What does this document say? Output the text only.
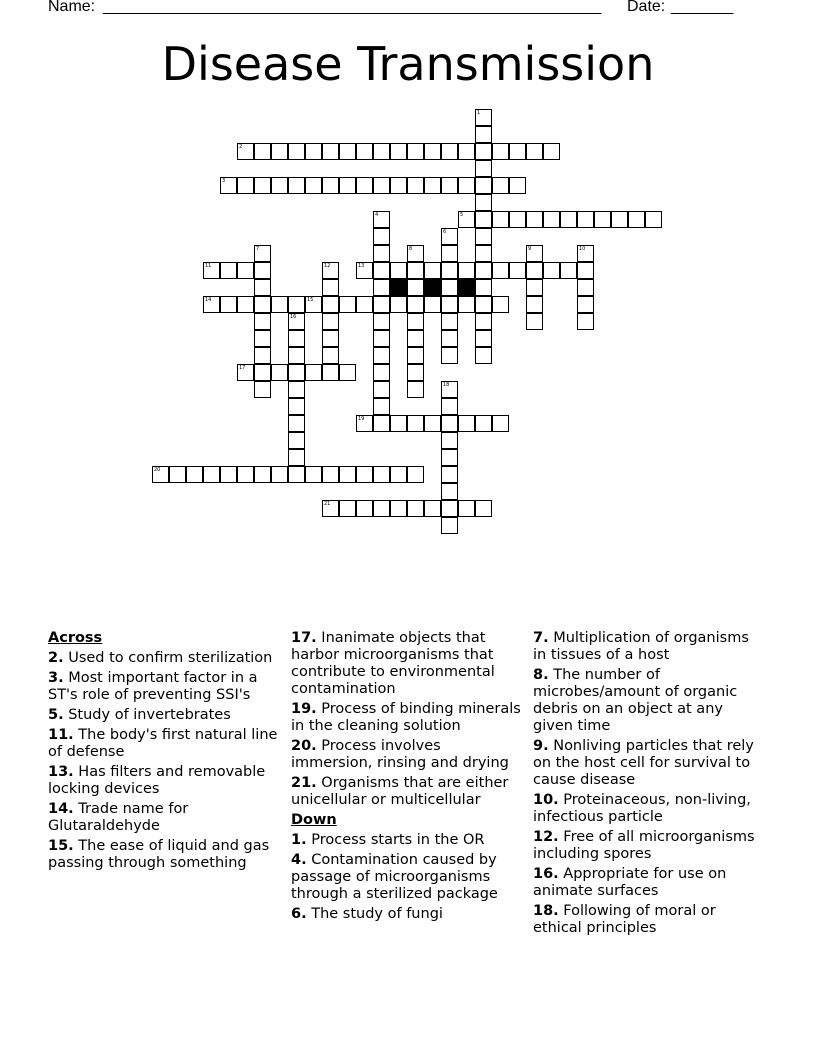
Name: ________________________________________________________ Date: _______
Disease Transmission
1
2
3
4	5
6
7	8	9	10
11	12	13
14	15
16
17
18
19
20
21
Across
2. Used to confirm sterilization
3. Most important factor in a ST's role of preventing SSI's
5. Study of invertebrates
11. The body's first natural line of defense
13. Has filters and removable locking devices
14. Trade name for Glutaraldehyde
15. The ease of liquid and gas passing through something
17. Inanimate objects that harbor microorganisms that contribute to environmental contamination
19. Process of binding minerals in the cleaning solution
20. Process involves immersion, rinsing and drying
21. Organisms that are either unicellular or multicellular
Down
1. Process starts in the OR
4. Contamination caused by passage of microorganisms through a sterilized package
6. The study of fungi
7. Multiplication of organisms in tissues of a host
8. The number of microbes/amount of organic debris on an object at any given time
9. Nonliving particles that rely on the host cell for survival to cause disease
10. Proteinaceous, non-living, infectious particle
12. Free of all microorganisms including spores
16. Appropriate for use on animate surfaces
18. Following of moral or ethical principles
